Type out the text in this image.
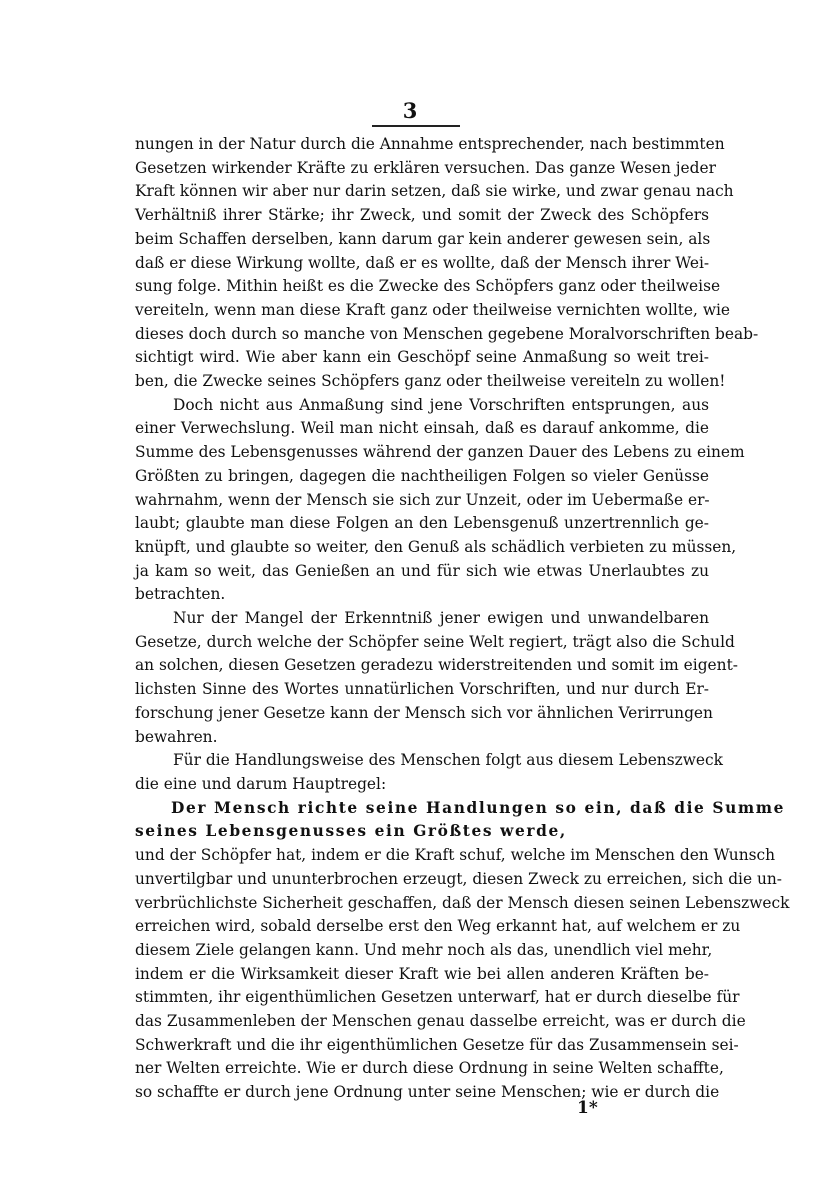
3
nungen in der Natur durch die Annahme entsprechender, nach bestimmten
Gesetzen wirkender Kräfte zu erklären versuchen. Das ganze Wesen jeder
Kraft können wir aber nur darin setzen, daß sie wirke, und zwar genau nach
Verhältniß ihrer Stärke; ihr Zweck, und somit der Zweck des Schöpfers
beim Schaffen derselben, kann darum gar kein anderer gewesen sein, als
daß er diese Wirkung wollte, daß er es wollte, daß der Mensch ihrer Wei-
sung folge. Mithin heißt es die Zwecke des Schöpfers ganz oder theilweise
vereiteln, wenn man diese Kraft ganz oder theilweise vernichten wollte, wie
dieses doch durch so manche von Menschen gegebene Moralvorschriften beab-
sichtigt wird. Wie aber kann ein Geschöpf seine Anmaßung so weit trei-
ben, die Zwecke seines Schöpfers ganz oder theilweise vereiteln zu wollen!
Doch nicht aus Anmaßung sind jene Vorschriften entsprungen, aus
einer Verwechslung. Weil man nicht einsah, daß es darauf ankomme, die
Summe des Lebensgenusses während der ganzen Dauer des Lebens zu einem
Größten zu bringen, dagegen die nachtheiligen Folgen so vieler Genüsse
wahrnahm, wenn der Mensch sie sich zur Unzeit, oder im Uebermaße er-
laubt; glaubte man diese Folgen an den Lebensgenuß unzertrennlich ge-
knüpft, und glaubte so weiter, den Genuß als schädlich verbieten zu müssen,
ja kam so weit, das Genießen an und für sich wie etwas Unerlaubtes zu
betrachten.
Nur der Mangel der Erkenntniß jener ewigen und unwandelbaren
Gesetze, durch welche der Schöpfer seine Welt regiert, trägt also die Schuld
an solchen, diesen Gesetzen geradezu widerstreitenden und somit im eigent-
lichsten Sinne des Wortes unnatürlichen Vorschriften, und nur durch Er-
forschung jener Gesetze kann der Mensch sich vor ähnlichen Verirrungen
bewahren.
Für die Handlungsweise des Menschen folgt aus diesem Lebenszweck
die eine und darum Hauptregel:
Der Mensch richte seine Handlungen so ein, daß die Summe
seines Lebensgenusses ein Größtes werde,
und der Schöpfer hat, indem er die Kraft schuf, welche im Menschen den Wunsch
unvertilgbar und ununterbrochen erzeugt, diesen Zweck zu erreichen, sich die un-
verbrüchlichste Sicherheit geschaffen, daß der Mensch diesen seinen Lebenszweck
erreichen wird, sobald derselbe erst den Weg erkannt hat, auf welchem er zu
diesem Ziele gelangen kann. Und mehr noch als das, unendlich viel mehr,
indem er die Wirksamkeit dieser Kraft wie bei allen anderen Kräften be-
stimmten, ihr eigenthümlichen Gesetzen unterwarf, hat er durch dieselbe für
das Zusammenleben der Menschen genau dasselbe erreicht, was er durch die
Schwerkraft und die ihr eigenthümlichen Gesetze für das Zusammensein sei-
ner Welten erreichte. Wie er durch diese Ordnung in seine Welten schaffte,
so schaffte er durch jene Ordnung unter seine Menschen; wie er durch die
1*
